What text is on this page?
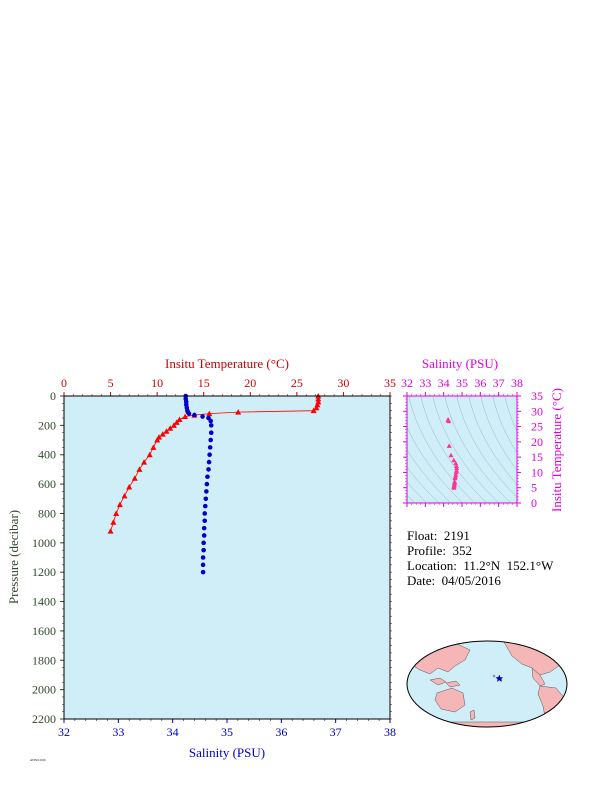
0	5	10	15	20	25	30	35
32	33	34	35	36	37	38
0
200
400
600
800
1000
1200
1400
1600
1800
2000
2200
Insitu Temperature (°C)
Salinity (PSU)
Pressure (decibar)
32 33 34 35 36 37 38
0
5
10
15
20
25
30
35
Salinity (PSU)
Insitu Temperature (°C)
Float:  2191
Profile:  352
Location:  11.2°N  152.1°W
Date:  04/05/2016
AVISO 2016
